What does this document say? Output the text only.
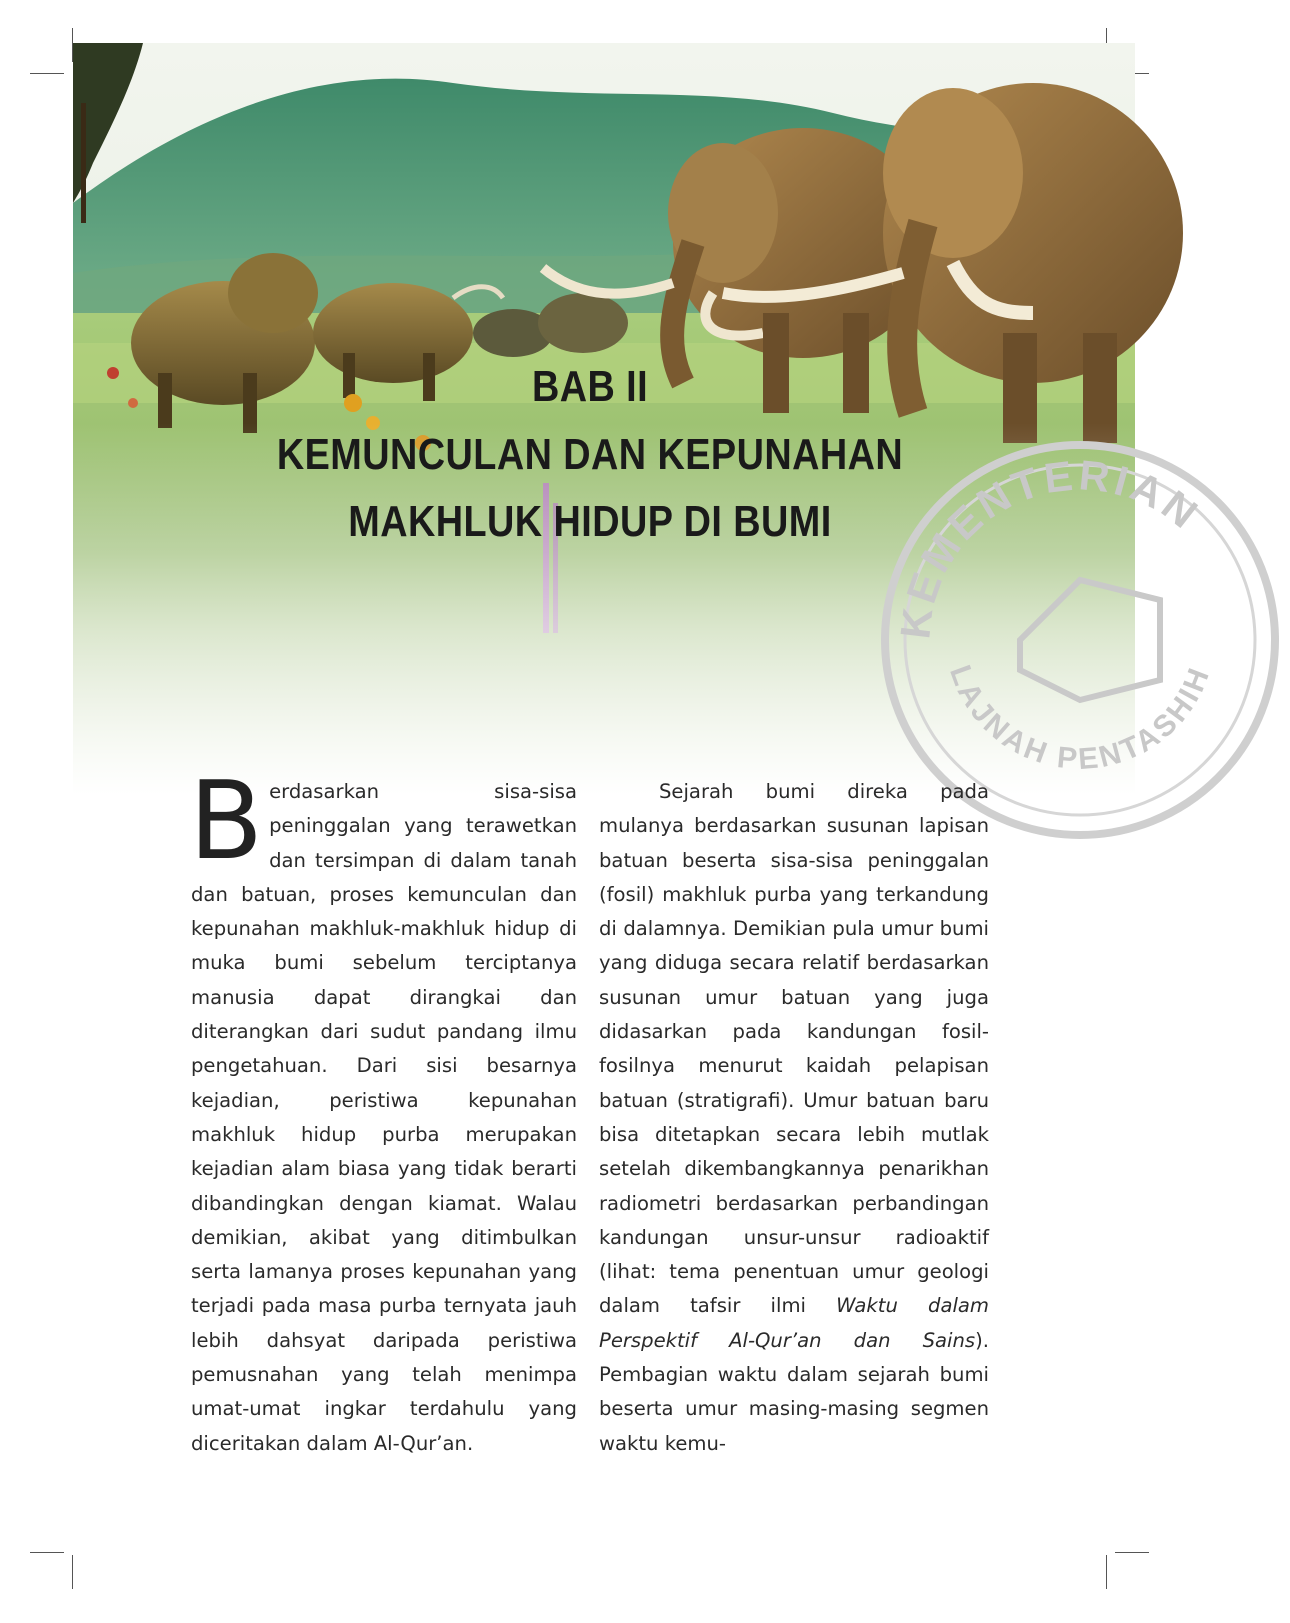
KEMENTERIAN
LAJNAH PENTASHIH
BAB II
KEMUNCULAN DAN KEPUNAHAN
MAKHLUK HIDUP DI BUMI
B erdasarkan sisa-sisa peninggalan yang terawetkan dan tersimpan di dalam tanah dan batuan, proses kemunculan dan kepunahan makhluk-makhluk hidup di muka bumi sebelum terciptanya manusia dapat dirangkai dan diterangkan dari sudut pandang ilmu pengetahuan. Dari sisi besarnya kejadian, peristiwa kepunahan makhluk hidup purba merupakan kejadian alam biasa yang tidak berarti dibandingkan dengan kiamat. Walau demikian, akibat yang ditimbulkan serta lamanya proses kepunahan yang terjadi pada masa purba ternyata jauh lebih dahsyat daripada peristiwa pemusnahan yang telah menimpa umat-umat ingkar terdahulu yang diceritakan dalam Al-Qur’an.

Sejarah bumi direka pada mulanya berdasarkan susunan lapisan batuan beserta sisa-sisa peninggalan (fosil) makhluk purba yang terkandung di dalamnya. Demikian pula umur bumi yang diduga secara relatif berdasarkan susunan umur batuan yang juga didasarkan pada kandungan fosil-fosilnya menurut kaidah pelapisan batuan (stratigrafi). Umur batuan baru bisa ditetapkan secara lebih mutlak setelah dikembangkannya penarikhan radiometri berdasarkan perbandingan kandungan unsur-unsur radioaktif (lihat: tema penentuan umur geologi dalam tafsir ilmi Waktu dalam Perspektif Al-Qur’an dan Sains). Pembagian waktu dalam sejarah bumi beserta umur masing-masing segmen waktu kemu-
